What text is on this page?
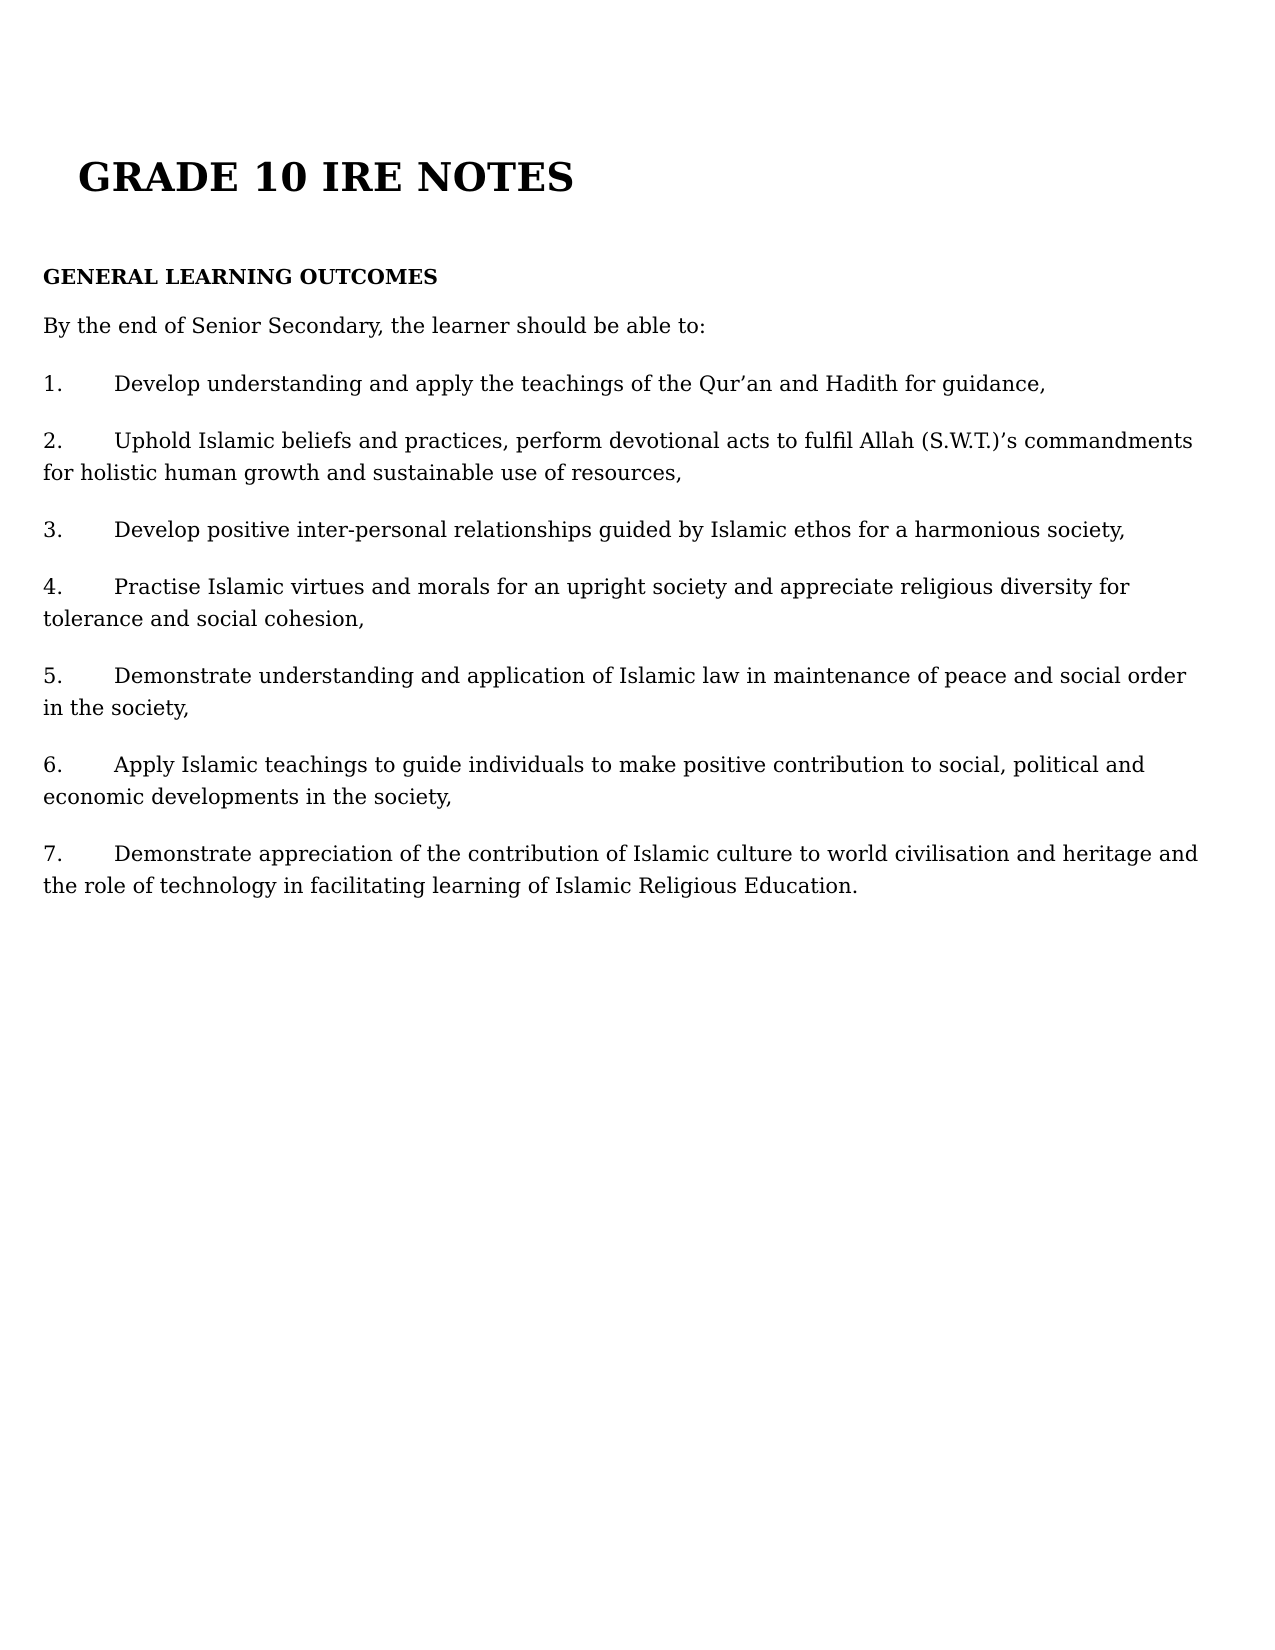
GRADE 10 IRE NOTES
GENERAL LEARNING OUTCOMES

By the end of Senior Secondary, the learner should be able to:

1. Develop understanding and apply the teachings of the Qur’an and Hadith for guidance,
2. Uphold Islamic beliefs and practices, perform devotional acts to fulfil Allah (S.W.T.)’s commandments for holistic human growth and sustainable use of resources,
3. Develop positive inter-personal relationships guided by Islamic ethos for a harmonious society,
4. Practise Islamic virtues and morals for an upright society and appreciate religious diversity for tolerance and social cohesion,
5. Demonstrate understanding and application of Islamic law in maintenance of peace and social order in the society,
6. Apply Islamic teachings to guide individuals to make positive contribution to social, political and economic developments in the society,
7. Demonstrate appreciation of the contribution of Islamic culture to world civilisation and heritage and the role of technology in facilitating learning of Islamic Religious Education.
